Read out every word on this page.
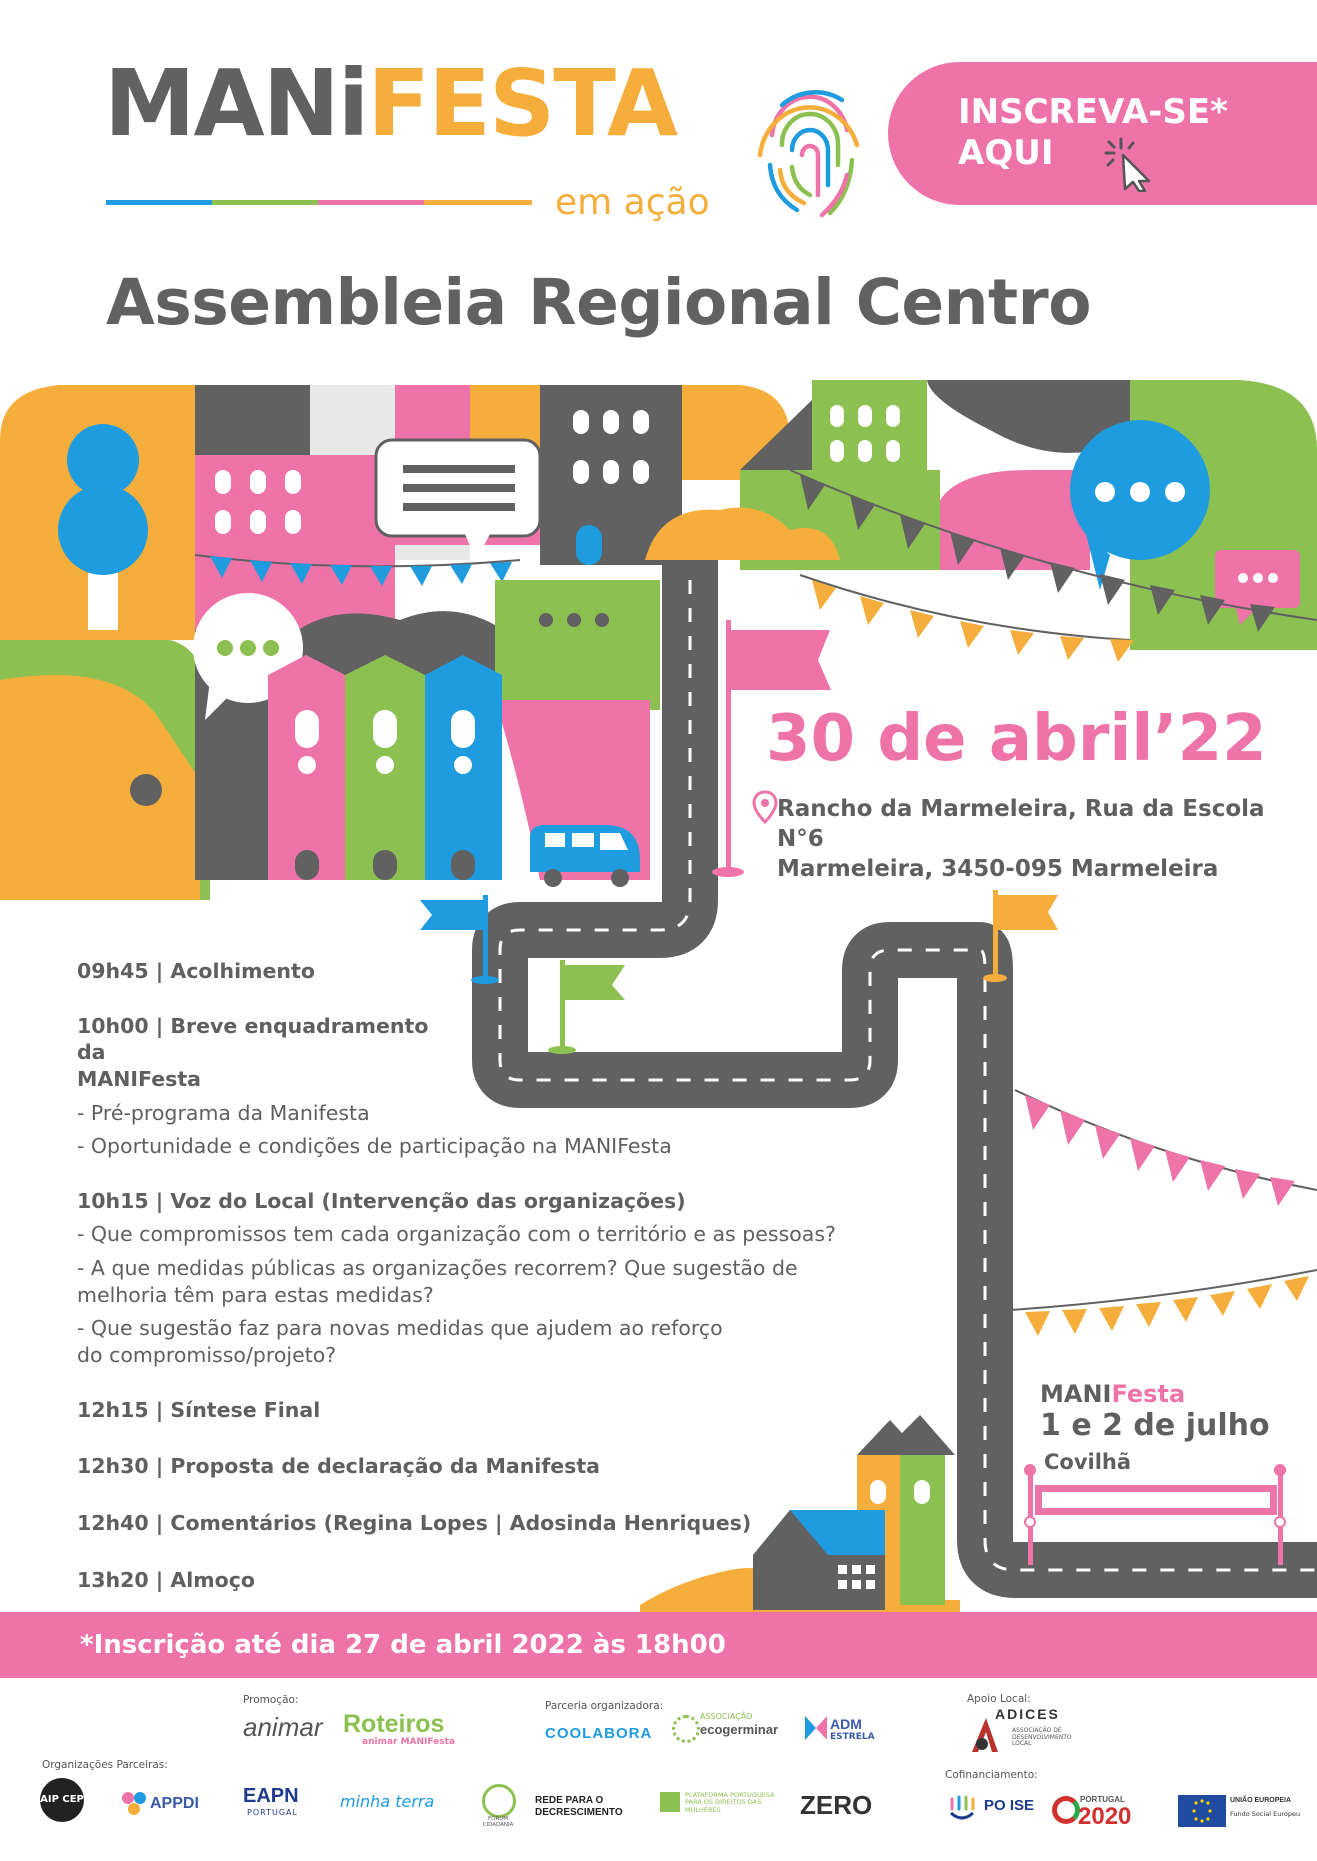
MANiFESTA
em ação
INSCREVA-SE*
AQUI
Assembleia Regional Centro
30 de abril’22
Rancho da Marmeleira, Rua da Escola N°6
Marmeleira, 3450-095 Marmeleira
09h45 | Acolhimento
10h00 | Breve enquadramento da
MANIFesta
- Pré-programa da Manifesta
- Oportunidade e condições de participação na MANIFesta
10h15 | Voz do Local (Intervenção das organizações)
- Que compromissos tem cada organização com o território e as pessoas?
- A que medidas públicas as organizações recorrem? Que sugestão de melhoria têm para estas medidas?
- Que sugestão faz para novas medidas que ajudem ao reforço do compromisso/projeto?
12h15 | Síntese Final
12h30 | Proposta de declaração da Manifesta
12h40 | Comentários (Regina Lopes | Adosinda Henriques)
13h20 | Almoço
MANIFesta
1 e 2 de julho
Covilhã
*Inscrição até dia 27 de abril 2022 às 18h00
Promoção:
animar Roteiros
animar MANIFesta
Parceria organizadora:
COOLABORA
ASSOCIAÇÃO
ecogerminar	ADM
ESTRELA
Apoio Local:
ADICES
ASSOCIAÇÃO DE DESENVOLVIMENTO LOCAL
Organizações Parceiras:
AIP CEP	APPDI EAPN
PORTUGAL
minha terra
FÓRUM CIDADANIA
REDE PARA O
DECRESCIMENTO
PLATAFORMA PORTUGUESA PARA OS DIREITOS DAS MULHERES	ZERO
Cofinanciamento:
PO ISE	PORTUGAL
2020
UNIÃO EUROPEIA
Fundo Social Europeu
